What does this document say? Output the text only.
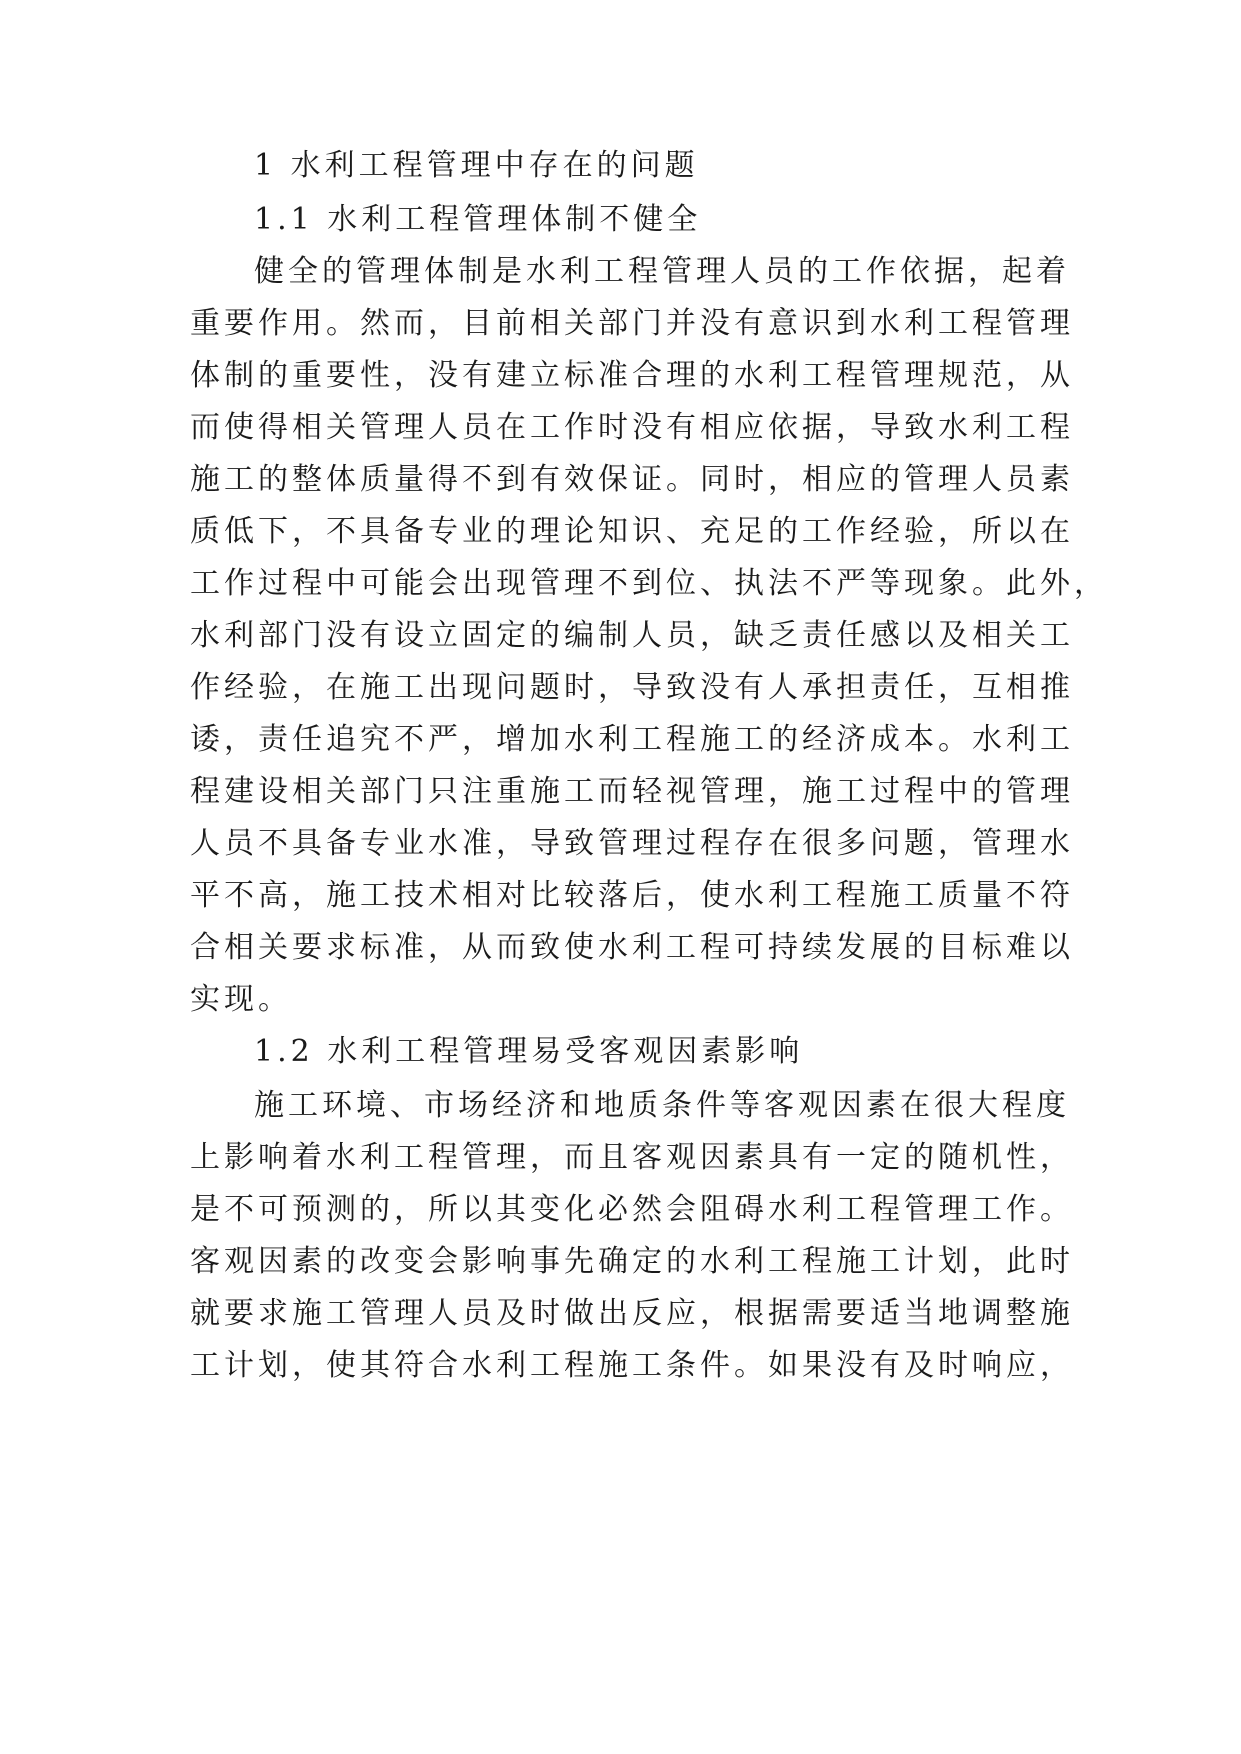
1 水利工程管理中存在的问题
1.1 水利工程管理体制不健全
健全的管理体制是水利工程管理人员的工作依据，起着
重要作用。然而，目前相关部门并没有意识到水利工程管理
体制的重要性，没有建立标准合理的水利工程管理规范，从
而使得相关管理人员在工作时没有相应依据，导致水利工程
施工的整体质量得不到有效保证。同时，相应的管理人员素
质低下，不具备专业的理论知识、充足的工作经验，所以在
工作过程中可能会出现管理不到位、执法不严等现象。此外，
水利部门没有设立固定的编制人员，缺乏责任感以及相关工
作经验，在施工出现问题时，导致没有人承担责任，互相推
诿，责任追究不严，增加水利工程施工的经济成本。水利工
程建设相关部门只注重施工而轻视管理，施工过程中的管理
人员不具备专业水准，导致管理过程存在很多问题，管理水
平不高，施工技术相对比较落后，使水利工程施工质量不符
合相关要求标准，从而致使水利工程可持续发展的目标难以
实现。
1.2 水利工程管理易受客观因素影响
施工环境、市场经济和地质条件等客观因素在很大程度
上影响着水利工程管理，而且客观因素具有一定的随机性，
是不可预测的，所以其变化必然会阻碍水利工程管理工作。
客观因素的改变会影响事先确定的水利工程施工计划，此时
就要求施工管理人员及时做出反应，根据需要适当地调整施
工计划，使其符合水利工程施工条件。如果没有及时响应，
